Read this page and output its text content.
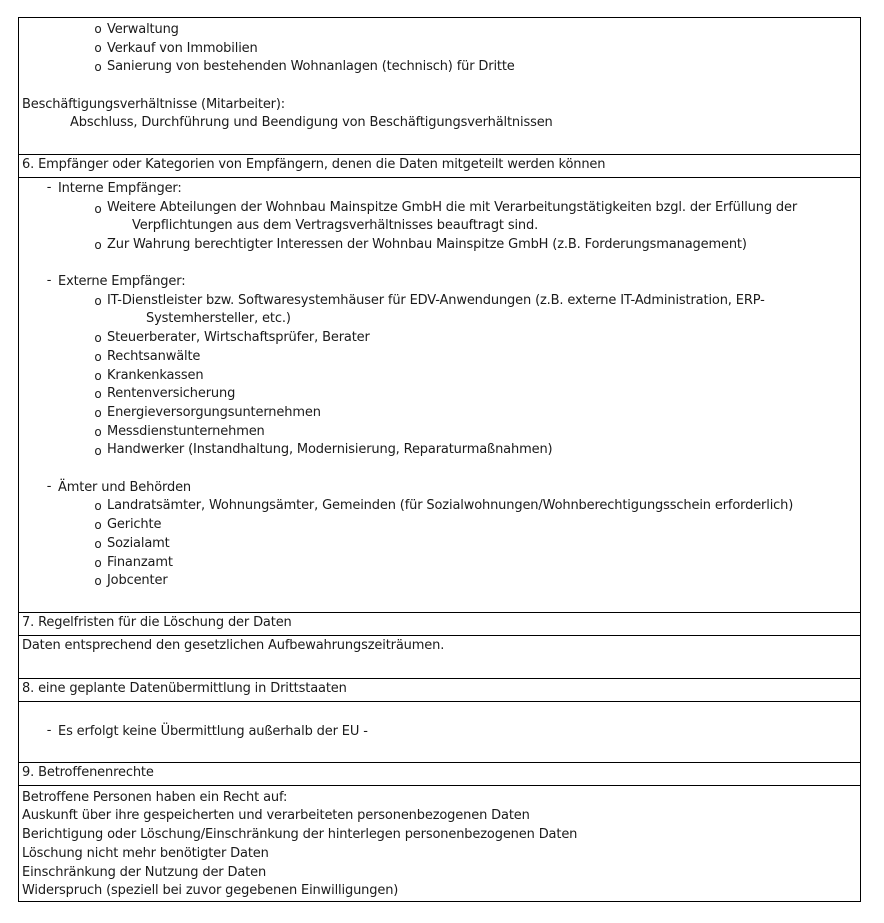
o Verwaltung
o Verkauf von Immobilien
o Sanierung von bestehenden Wohnanlagen (technisch) für Dritte
Beschäftigungsverhältnisse (Mitarbeiter):
Abschluss, Durchführung und Beendigung von Beschäftigungsverhältnissen
6. Empfänger oder Kategorien von Empfängern, denen die Daten mitgeteilt werden können
- Interne Empfänger:
o Weitere Abteilungen der Wohnbau Mainspitze GmbH die mit Verarbeitungstätigkeiten bzgl. der Erfüllung der
Verpflichtungen aus dem Vertragsverhältnisses beauftragt sind.
o Zur Wahrung berechtigter Interessen der Wohnbau Mainspitze GmbH (z.B. Forderungsmanagement)
- Externe Empfänger:
o IT-Dienstleister bzw. Softwaresystemhäuser für EDV-Anwendungen (z.B. externe IT-Administration, ERP-
Systemhersteller, etc.)
o Steuerberater, Wirtschaftsprüfer, Berater
o Rechtsanwälte
o Krankenkassen
o Rentenversicherung
o Energieversorgungsunternehmen
o Messdienstunternehmen
o Handwerker (Instandhaltung, Modernisierung, Reparaturmaßnahmen)
- Ämter und Behörden
o Landratsämter, Wohnungsämter, Gemeinden (für Sozialwohnungen/Wohnberechtigungsschein erforderlich)
o Gerichte
o Sozialamt
o Finanzamt
o Jobcenter
7. Regelfristen für die Löschung der Daten
Daten entsprechend den gesetzlichen Aufbewahrungszeiträumen.
8. eine geplante Datenübermittlung in Drittstaaten
- Es erfolgt keine Übermittlung außerhalb der EU -
9. Betroffenenrechte
Betroffene Personen haben ein Recht auf:
Auskunft über ihre gespeicherten und verarbeiteten personenbezogenen Daten
Berichtigung oder Löschung/Einschränkung der hinterlegen personenbezogenen Daten
Löschung nicht mehr benötigter Daten
Einschränkung der Nutzung der Daten
Widerspruch (speziell bei zuvor gegebenen Einwilligungen)
